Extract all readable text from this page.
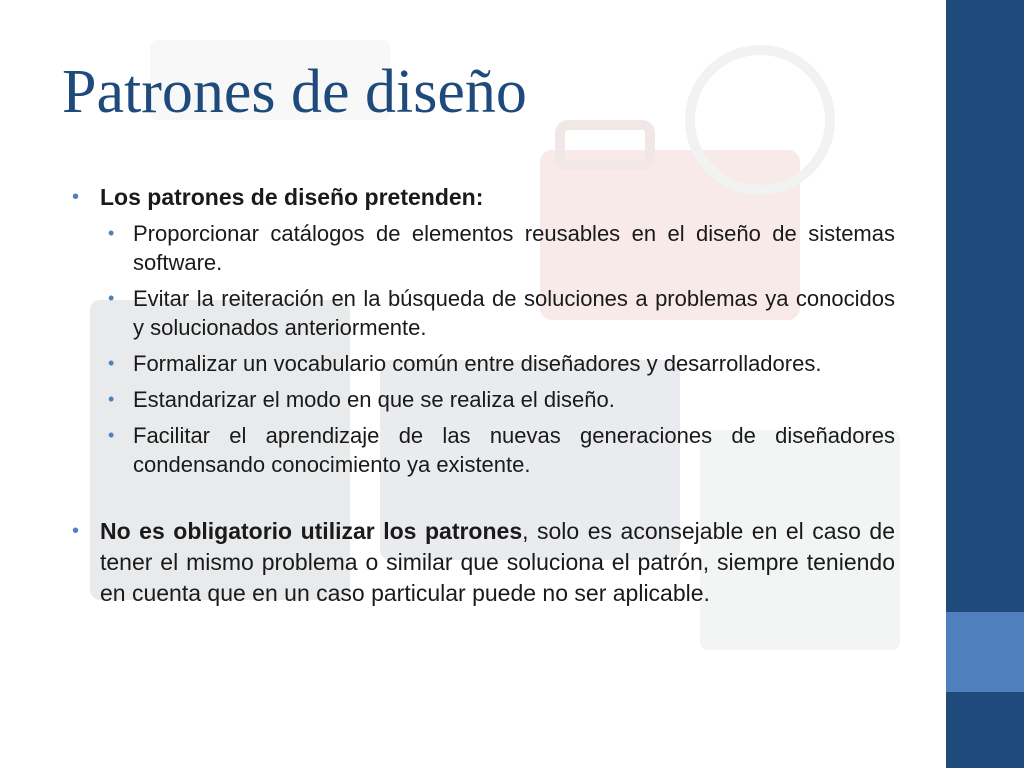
Patrones de diseño
• Los patrones de diseño pretenden:
• Proporcionar catálogos de elementos reusables en el diseño de sistemas software.
• Evitar la reiteración en la búsqueda de soluciones a problemas ya conocidos y solucionados anteriormente.
• Formalizar un vocabulario común entre diseñadores y desarrolladores.
• Estandarizar el modo en que se realiza el diseño.
• Facilitar el aprendizaje de las nuevas generaciones de diseñadores condensando conocimiento ya existente.
• No es obligatorio utilizar los patrones, solo es aconsejable en el caso de tener el mismo problema o similar que soluciona el patrón, siempre teniendo en cuenta que en un caso particular puede no ser aplicable.
